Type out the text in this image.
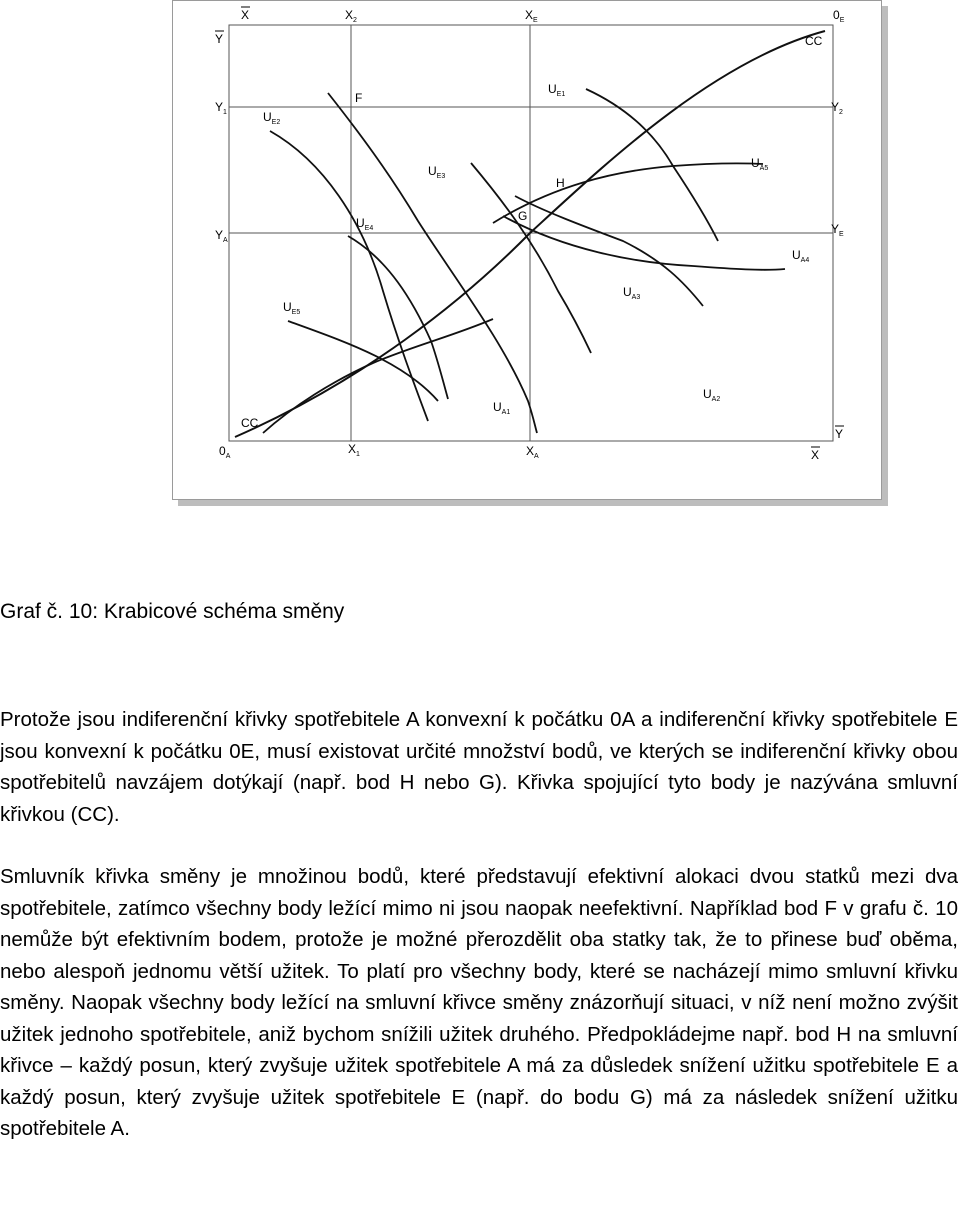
X
Y
$X_2$	$X_E$	$0_E$
CC
$Y_1$	$Y_2$
$Y_A$
$Y_E$
F
G
H
$U_{E1}$
$U_{E2}$
$U_{E3}$
$U_{E4}$
$U_{E5}$
$U_{A1}$
$U_{A2}$
$U_{A3}$
$U_{A4}$
$U_{A5}$
CC
$0_A$
$X_1$	$X_A$
Y
X
Graf č. 10: Krabicové schéma směny
Protože jsou indiferenční křivky spotřebitele A konvexní k počátku 0A a indiferenční křivky spotřebitele E jsou konvexní k počátku 0E, musí existovat určité množství bodů, ve kterých se indiferenční křivky obou spotřebitelů navzájem dotýkají (např. bod H nebo G). Křivka spojující tyto body je nazývána smluvní křivkou (CC).
Smluvník křivka směny je množinou bodů, které představují efektivní alokaci dvou statků mezi dva spotřebitele, zatímco všechny body ležící mimo ni jsou naopak neefektivní. Například bod F v grafu č. 10 nemůže být efektivním bodem, protože je možné přerozdělit oba statky tak, že to přinese buď oběma, nebo alespoň jednomu větší užitek. To platí pro všechny body, které se nacházejí mimo smluvní křivku směny. Naopak všechny body ležící na smluvní křivce směny znázorňují situaci, v níž není možno zvýšit užitek jednoho spotřebitele, aniž bychom snížili užitek druhého. Předpokládejme např. bod H na smluvní křivce – každý posun, který zvyšuje užitek spotřebitele A má za důsledek snížení užitku spotřebitele E a každý posun, který zvyšuje užitek spotřebitele E (např. do bodu G) má za následek snížení užitku spotřebitele A.
